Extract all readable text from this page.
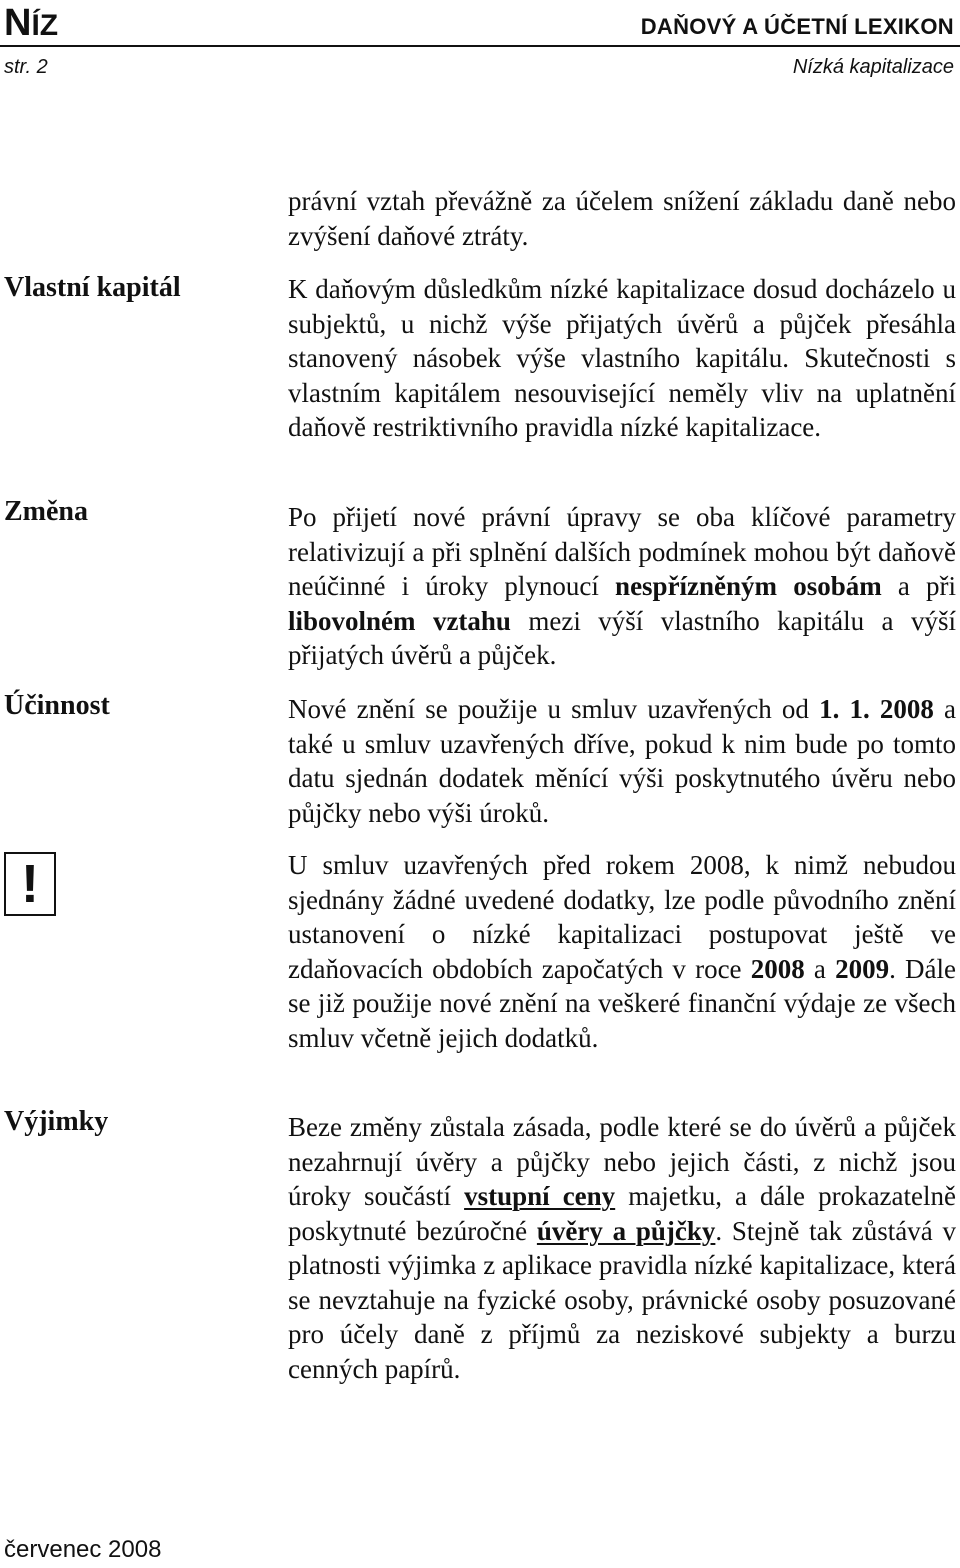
NÍZ	DAŇOVÝ A ÚČETNÍ LEXIKON
str. 2	Nízká kapitalizace
Vlastní kapitál
Změna
Účinnost
!
Výjimky

právní vztah převážně za účelem snížení základu daně nebo zvýšení daňové ztráty.

K daňovým důsledkům nízké kapitalizace dosud docházelo u subjektů, u nichž výše přijatých úvěrů a půjček přesáhla stanovený násobek výše vlastního kapitálu. Skutečnosti s vlastním kapitálem nesouvisející neměly vliv na uplatnění daňově restriktivního pravidla nízké kapitalizace.

Po přijetí nové právní úpravy se oba klíčové parametry relativizují a při splnění dalších podmínek mohou být daňově neúčinné i úroky plynoucí nespřízněným osobám a při libovolném vztahu mezi výší vlastního kapitálu a výší přijatých úvěrů a půjček.

Nové znění se použije u smluv uzavřených od 1. 1. 2008 a také u smluv uzavřených dříve, pokud k nim bude po tomto datu sjednán dodatek měnící výši poskytnutého úvěru nebo půjčky nebo výši úroků.

U smluv uzavřených před rokem 2008, k nimž nebudou sjednány žádné uvedené dodatky, lze podle původního znění ustanovení o nízké kapitalizaci postupovat ještě ve zdaňovacích obdobích započatých v roce 2008 a 2009. Dále se již použije nové znění na veškeré finanční výdaje ze všech smluv včetně jejich dodatků.

Beze změny zůstala zásada, podle které se do úvěrů a půjček nezahrnují úvěry a půjčky nebo jejich části, z nichž jsou úroky součástí vstupní ceny majetku, a dále prokazatelně poskytnuté bezúročné úvěry a půjčky. Stejně tak zůstává v platnosti výjimka z aplikace pravidla nízké kapitalizace, která se nevztahuje na fyzické osoby, právnické osoby posuzované pro účely daně z příjmů za neziskové subjekty a burzu cenných papírů.

červenec 2008
